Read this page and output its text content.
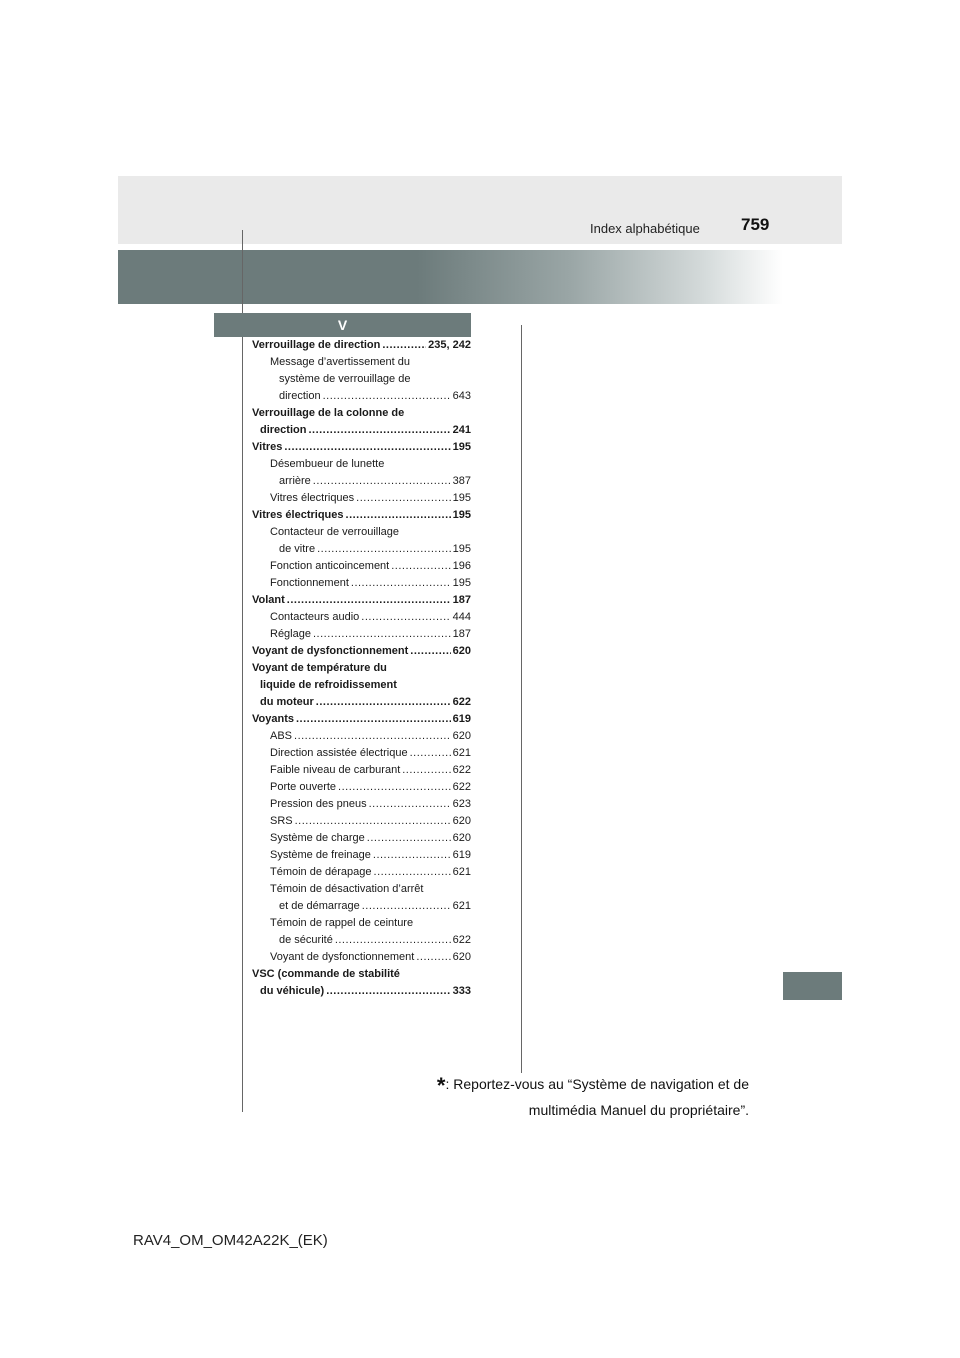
Index alphabétique 759
V
Verrouillage de direction .....	235, 242
Message d’avertissement du
système de verrouillage de
direction .....	643
Verrouillage de la colonne de
direction .....	241
Vitres .....	195
Désembueur de lunette
arrière .....	387
Vitres électriques .....	195
Vitres électriques .....	195
Contacteur de verrouillage
de vitre .....	195
Fonction anticoincement .....	196
Fonctionnement .....	195
Volant .....	187
Contacteurs audio .....	444
Réglage .....	187
Voyant de dysfonctionnement .....	620
Voyant de température du
liquide de refroidissement
du moteur .....	622
Voyants .....	619
ABS .....	620
Direction assistée électrique .....	621
Faible niveau de carburant .....	622
Porte ouverte .....	622
Pression des pneus .....	623
SRS .....	620
Système de charge .....	620
Système de freinage .....	619
Témoin de dérapage .....	621
Témoin de désactivation d’arrêt
et de démarrage .....	621
Témoin de rappel de ceinture
de sécurité .....	622
Voyant de dysfonctionnement .....	620
VSC (commande de stabilité
du véhicule) .....	333
*: Reportez-vous au “Système de navigation et de
multimédia Manuel du propriétaire”.
RAV4_OM_OM42A22K_(EK)
